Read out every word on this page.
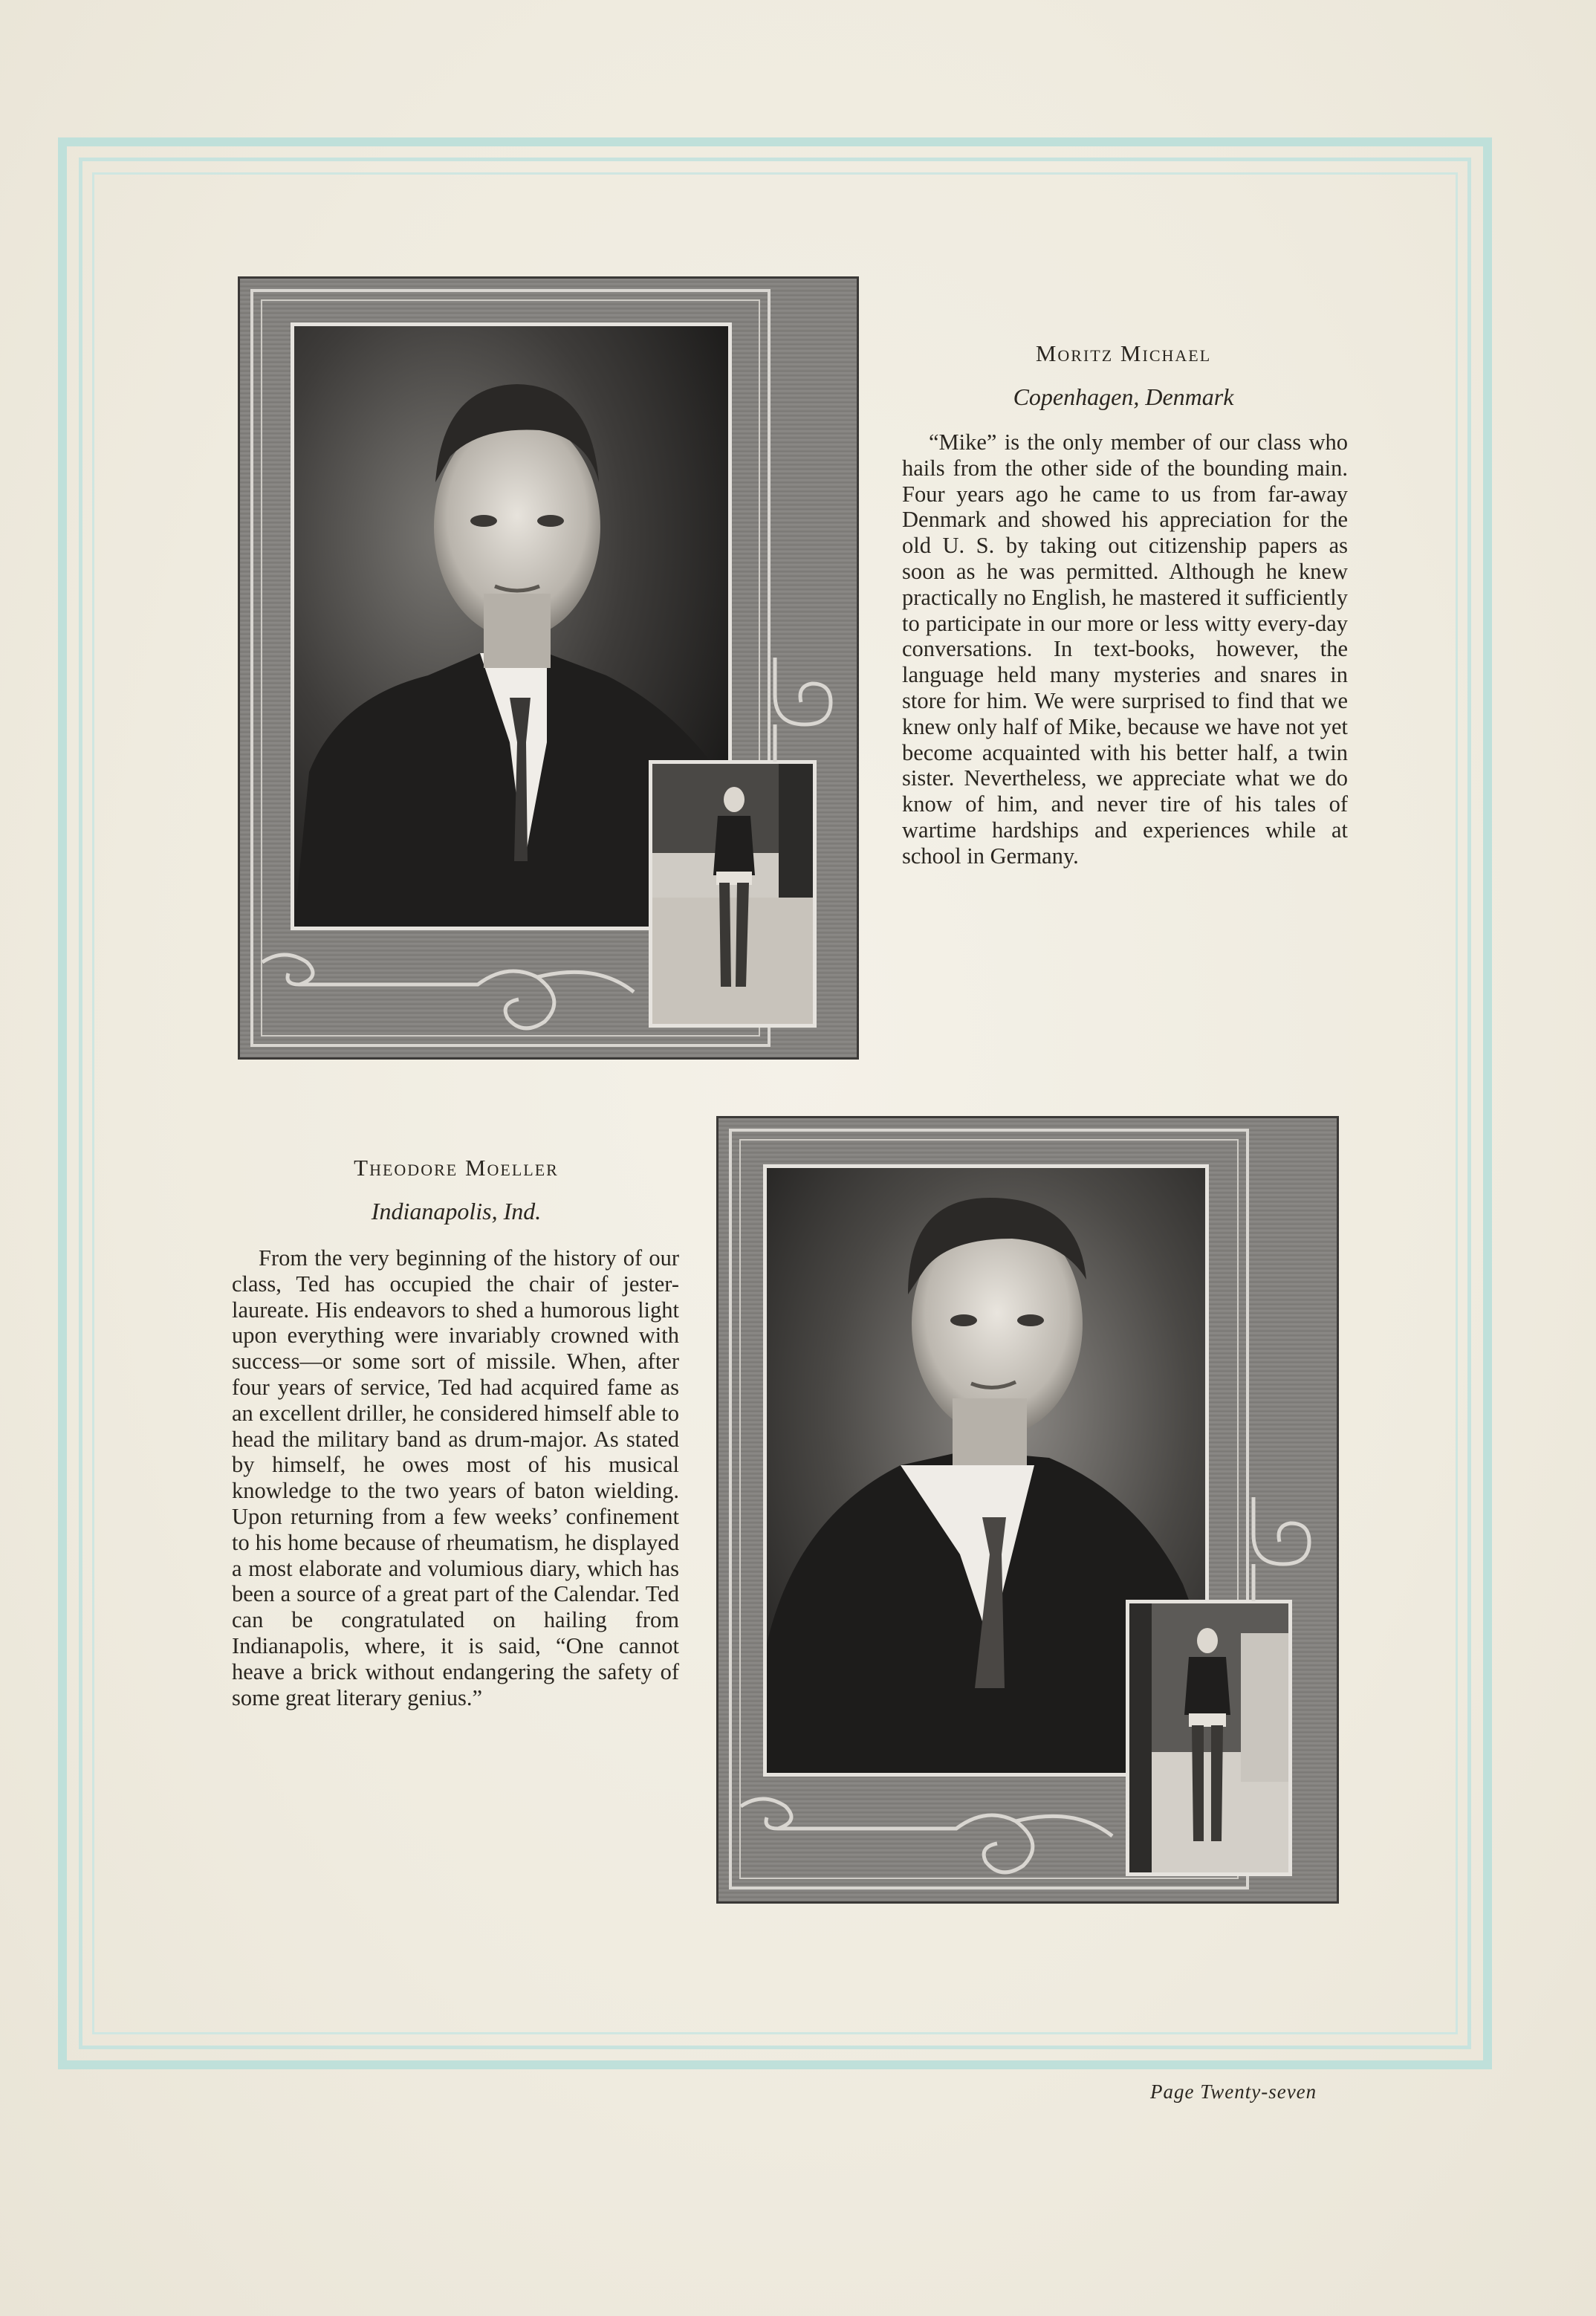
Moritz Michael
Copenhagen, Denmark

“Mike” is the only member of our class who hails from the other side of the bounding main. Four years ago he came to us from far-away Denmark and showed his appreciation for the old U. S. by taking out citizenship papers as soon as he was permitted. Although he knew practically no English, he mastered it sufficiently to participate in our more or less witty every-day conversations. In text-books, however, the language held many mysteries and snares in store for him. We were surprised to find that we knew only half of Mike, because we have not yet become acquainted with his better half, a twin sister. Nevertheless, we appreciate what we do know of him, and never tire of his tales of wartime hardships and experiences while at school in Germany.

Theodore Moeller
Indianapolis, Ind.

From the very beginning of the history of our class, Ted has occupied the chair of jester-laureate. His endeavors to shed a humorous light upon everything were invariably crowned with success—or some sort of missile. When, after four years of service, Ted had acquired fame as an excellent driller, he considered himself able to head the military band as drum-major. As stated by himself, he owes most of his musical knowledge to the two years of baton wielding. Upon returning from a few weeks’ confinement to his home because of rheumatism, he displayed a most elaborate and volumious diary, which has been a source of a great part of the Calendar. Ted can be congratulated on hailing from Indianapolis, where, it is said, “One cannot heave a brick without endangering the safety of some great literary genius.”

Page Twenty-seven
